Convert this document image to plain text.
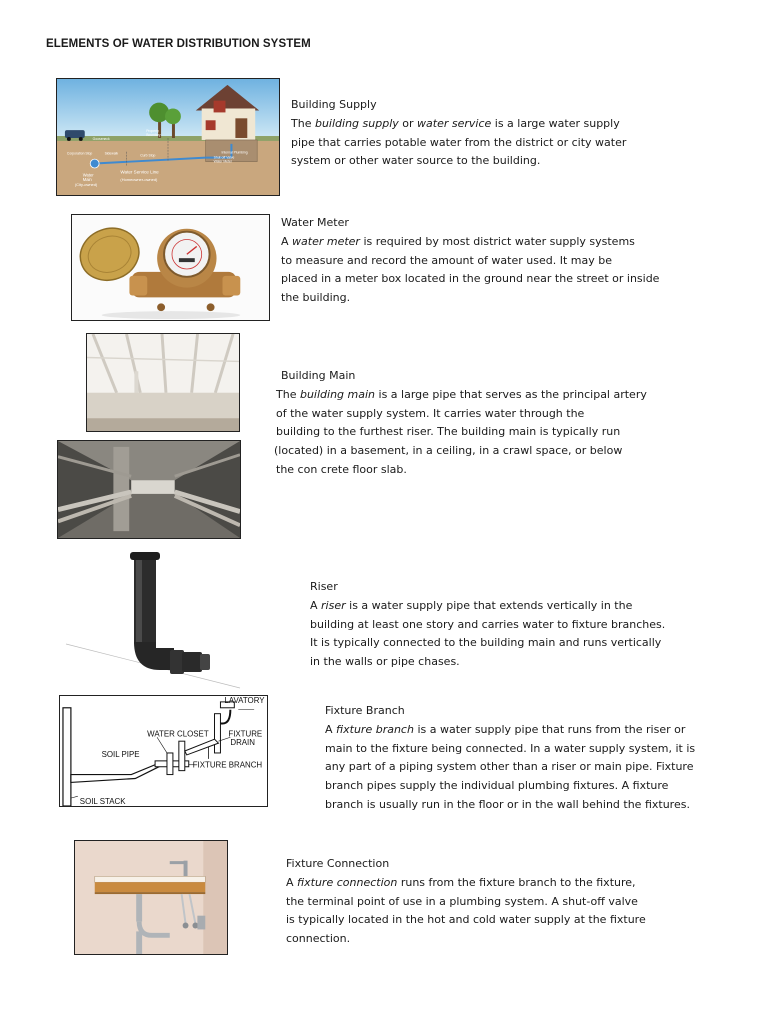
ELEMENTS OF WATER DISTRIBUTION SYSTEM
Gooseneck
Property
Boundary
Corporation Stop	Sidewalk	Curb Stop
Internal Plumbing
Shut-off Valve
Water Meter
Water Service Line
(Homeowner-owned)
Water
Main
(City-owned)
Building Supply
The building supply or water service is a large water supply
pipe that carries potable water from the district or city water
system or other water source to the building.
Water Meter
A water meter is required by most district water supply systems
to measure and record the amount of water used. It may be
placed in a meter box located in the ground near the street or inside
the building.
Building Main
The building main is a large pipe that serves as the principal artery
of the water supply system. It carries water through the
building to the furthest riser. The building main is typically run
(located) in a basement, in a ceiling, in a crawl space, or below
the con crete floor slab.
Riser
A riser is a water supply pipe that extends vertically in the
building at least one story and carries water to fixture branches.
It is typically connected to the building main and runs vertically
in the walls or pipe chases.
LAVATORY
WATER CLOSET FIXTURE
DRAIN
SOIL PIPE
FIXTURE BRANCH
SOIL STACK
Fixture Branch
A fixture branch is a water supply pipe that runs from the riser or
main to the fixture being connected. In a water supply system, it is
any part of a piping system other than a riser or main pipe. Fixture
branch pipes supply the individual plumbing fixtures. A fixture
branch is usually run in the floor or in the wall behind the fixtures.
Fixture Connection
A fixture connection runs from the fixture branch to the fixture,
the terminal point of use in a plumbing system. A shut-off valve
is typically located in the hot and cold water supply at the fixture
connection.
